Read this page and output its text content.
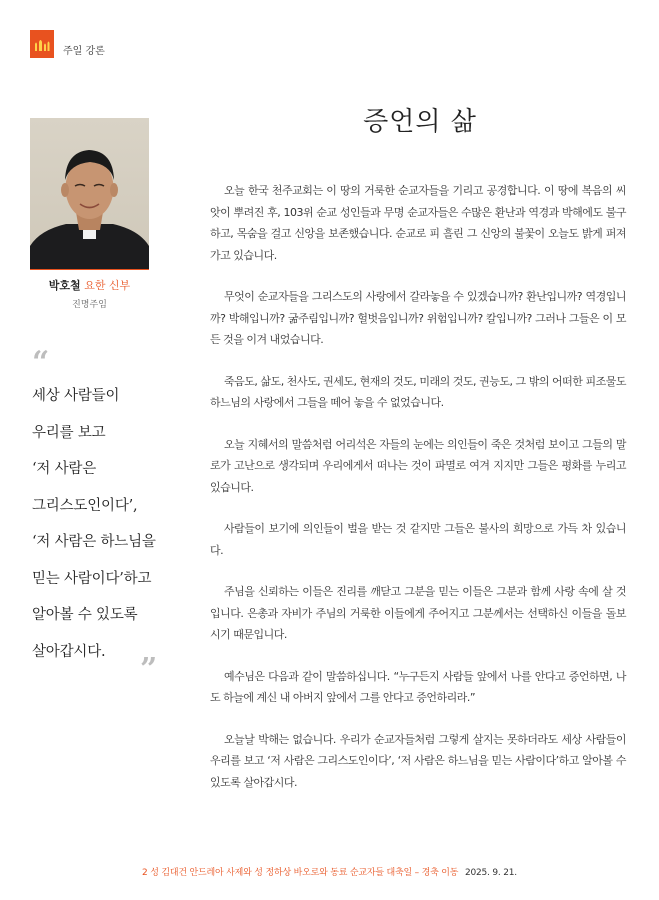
주일 강론
증언의 삶
박호철 요한 신부
진명주임
“
세상 사람들이
우리를 보고
‘저 사람은
그리스도인이다’,
‘저 사람은 하느님을
믿는 사람이다’하고
알아볼 수 있도록
살아갑시다.
”

오늘 한국 천주교회는 이 땅의 거룩한 순교자들을 기리고 공경합니다. 이 땅에 복음의 씨앗이 뿌려진 후, 103위 순교 성인들과 무명 순교자들은 수많은 환난과 역경과 박해에도 불구하고, 목숨을 걸고 신앙을 보존했습니다. 순교로 피 흘린 그 신앙의 불꽃이 오늘도 밝게 퍼져가고 있습니다.

무엇이 순교자들을 그리스도의 사랑에서 갈라놓을 수 있겠습니까? 환난입니까? 역경입니까? 박해입니까? 굶주림입니까? 헐벗음입니까? 위험입니까? 칼입니까? 그러나 그들은 이 모든 것을 이겨 내었습니다.

죽음도, 삶도, 천사도, 권세도, 현재의 것도, 미래의 것도, 권능도, 그 밖의 어떠한 피조물도 하느님의 사랑에서 그들을 떼어 놓을 수 없었습니다.

오늘 지혜서의 말씀처럼 어리석은 자들의 눈에는 의인들이 죽은 것처럼 보이고 그들의 말로가 고난으로 생각되며 우리에게서 떠나는 것이 파멸로 여겨 지지만 그들은 평화를 누리고 있습니다.

사람들이 보기에 의인들이 벌을 받는 것 같지만 그들은 불사의 희망으로 가득 차 있습니다.

주님을 신뢰하는 이들은 진리를 깨닫고 그분을 믿는 이들은 그분과 함께 사랑 속에 살 것입니다. 은총과 자비가 주님의 거룩한 이들에게 주어지고 그분께서는 선택하신 이들을 돌보시기 때문입니다.

예수님은 다음과 같이 말씀하십니다. “누구든지 사람들 앞에서 나를 안다고 증언하면, 나도 하늘에 계신 내 아버지 앞에서 그를 안다고 증언하리라.”

오늘날 박해는 없습니다. 우리가 순교자들처럼 그렇게 살지는 못하더라도 세상 사람들이 우리를 보고 ‘저 사람은 그리스도인이다’, ‘저 사람은 하느님을 믿는 사람이다’하고 알아볼 수 있도록 살아갑시다.

2 성 김대건 안드레아 사제와 성 정하상 바오로와 동료 순교자들 대축일 – 경축 이동 2025. 9. 21.
